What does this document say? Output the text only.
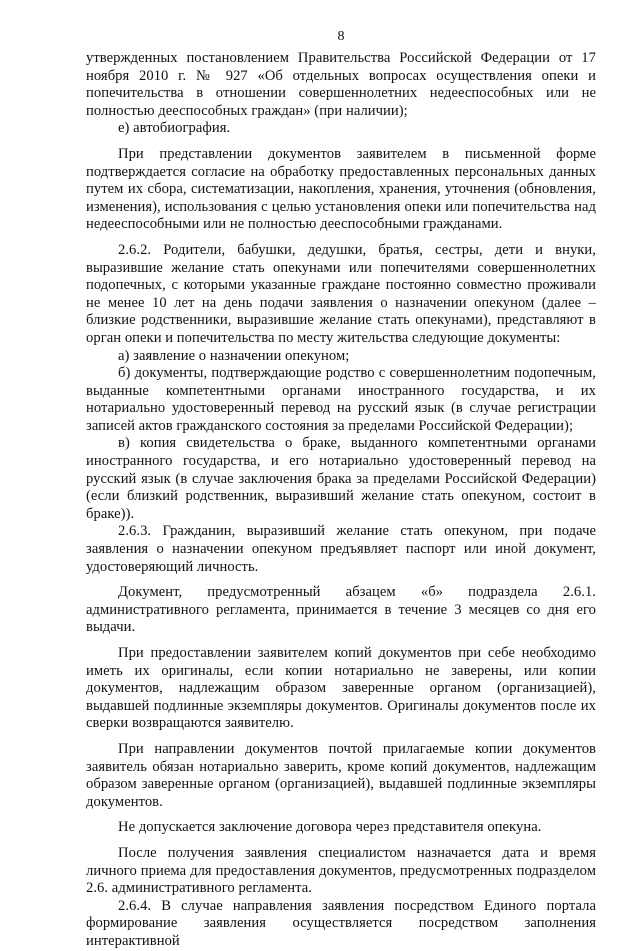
8

утвержденных постановлением Правительства Российской Федерации от 17 ноября 2010 г. № 927 «Об отдельных вопросах осуществления опеки и попечительства в отношении совершеннолетних недееспособных или не полностью дееспособных граждан» (при наличии);

е) автобиография.

При представлении документов заявителем в письменной форме подтверждается согласие на обработку предоставленных персональных данных путем их сбора, систематизации, накопления, хранения, уточнения (обновления, изменения), использования с целью установления опеки или попечительства над недееспособными или не полностью дееспособными гражданами.

2.6.2. Родители, бабушки, дедушки, братья, сестры, дети и внуки, выразившие желание стать опекунами или попечителями совершеннолетних подопечных, с которыми указанные граждане постоянно совместно проживали не менее 10 лет на день подачи заявления о назначении опекуном (далее – близкие родственники, выразившие желание стать опекунами), представляют в орган опеки и попечительства по месту жительства следующие документы:

а) заявление о назначении опекуном;

б) документы, подтверждающие родство с совершеннолетним подопечным, выданные компетентными органами иностранного государства, и их нотариально удостоверенный перевод на русский язык (в случае регистрации записей актов гражданского состояния за пределами Российской Федерации);

в) копия свидетельства о браке, выданного компетентными органами иностранного государства, и его нотариально удостоверенный перевод на русский язык (в случае заключения брака за пределами Российской Федерации) (если близкий родственник, выразивший желание стать опекуном, состоит в браке)).

2.6.3. Гражданин, выразивший желание стать опекуном, при подаче заявления о назначении опекуном предъявляет паспорт или иной документ, удостоверяющий личность.

Документ, предусмотренный абзацем «б» подраздела 2.6.1. административного регламента, принимается в течение 3 месяцев со дня его выдачи.

При предоставлении заявителем копий документов при себе необходимо иметь их оригиналы, если копии нотариально не заверены, или копии документов, надлежащим образом заверенные органом (организацией), выдавшей подлинные экземпляры документов. Оригиналы документов после их сверки возвращаются заявителю.

При направлении документов почтой прилагаемые копии документов заявитель обязан нотариально заверить, кроме копий документов, надлежащим образом заверенные органом (организацией), выдавшей подлинные экземпляры документов.

Не допускается заключение договора через представителя опекуна.

После получения заявления специалистом назначается дата и время личного приема для предоставления документов, предусмотренных подразделом 2.6. административного регламента.

2.6.4. В случае направления заявления посредством Единого портала формирование заявления осуществляется посредством заполнения интерактивной
